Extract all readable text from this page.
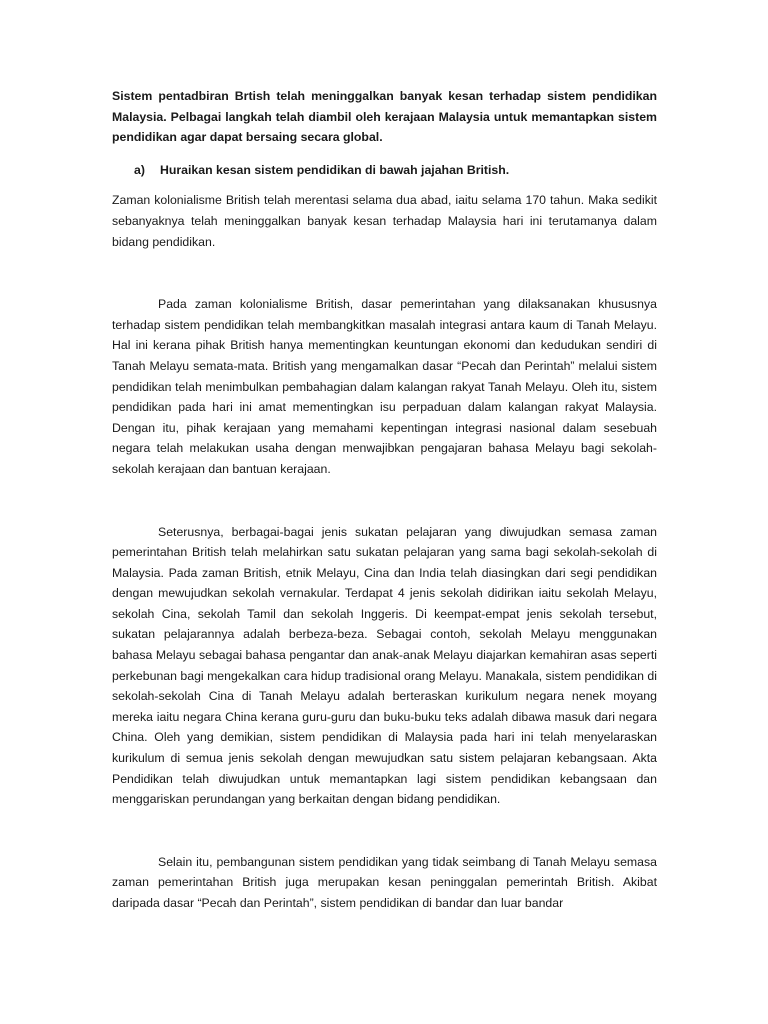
Sistem pentadbiran Brtish telah meninggalkan banyak kesan terhadap sistem pendidikan Malaysia. Pelbagai langkah telah diambil oleh kerajaan Malaysia untuk memantapkan sistem pendidikan agar dapat bersaing secara global.

a)	Huraikan kesan sistem pendidikan di bawah jajahan British.

Zaman kolonialisme British telah merentasi selama dua abad, iaitu selama 170 tahun. Maka sedikit sebanyaknya telah meninggalkan banyak kesan terhadap Malaysia hari ini terutamanya dalam bidang pendidikan.

Pada zaman kolonialisme British, dasar pemerintahan yang dilaksanakan khususnya terhadap sistem pendidikan telah membangkitkan masalah integrasi antara kaum di Tanah Melayu. Hal ini kerana pihak British hanya mementingkan keuntungan ekonomi dan kedudukan sendiri di Tanah Melayu semata-mata. British yang mengamalkan dasar “Pecah dan Perintah” melalui sistem pendidikan telah menimbulkan pembahagian dalam kalangan rakyat Tanah Melayu. Oleh itu, sistem pendidikan pada hari ini amat mementingkan isu perpaduan dalam kalangan rakyat Malaysia. Dengan itu, pihak kerajaan yang memahami kepentingan integrasi nasional dalam sesebuah negara telah melakukan usaha dengan menwajibkan pengajaran bahasa Melayu bagi sekolah-sekolah kerajaan dan bantuan kerajaan.

Seterusnya, berbagai-bagai jenis sukatan pelajaran yang diwujudkan semasa zaman pemerintahan British telah melahirkan satu sukatan pelajaran yang sama bagi sekolah-sekolah di Malaysia. Pada zaman British, etnik Melayu, Cina dan India telah diasingkan dari segi pendidikan dengan mewujudkan sekolah vernakular. Terdapat 4 jenis sekolah didirikan iaitu sekolah Melayu, sekolah Cina, sekolah Tamil dan sekolah Inggeris. Di keempat-empat jenis sekolah tersebut, sukatan pelajarannya adalah berbeza-beza. Sebagai contoh, sekolah Melayu menggunakan bahasa Melayu sebagai bahasa pengantar dan anak-anak Melayu diajarkan kemahiran asas seperti perkebunan bagi mengekalkan cara hidup tradisional orang Melayu. Manakala, sistem pendidikan di sekolah-sekolah Cina di Tanah Melayu adalah berteraskan kurikulum negara nenek moyang mereka iaitu negara China kerana guru-guru dan buku-buku teks adalah dibawa masuk dari negara China. Oleh yang demikian, sistem pendidikan di Malaysia pada hari ini telah menyelaraskan kurikulum di semua jenis sekolah dengan mewujudkan satu sistem pelajaran kebangsaan. Akta Pendidikan telah diwujudkan untuk memantapkan lagi sistem pendidikan kebangsaan dan menggariskan perundangan yang berkaitan dengan bidang pendidikan.

Selain itu, pembangunan sistem pendidikan yang tidak seimbang di Tanah Melayu semasa zaman pemerintahan British juga merupakan kesan peninggalan pemerintah British. Akibat daripada dasar “Pecah dan Perintah”, sistem pendidikan di bandar dan luar bandar
